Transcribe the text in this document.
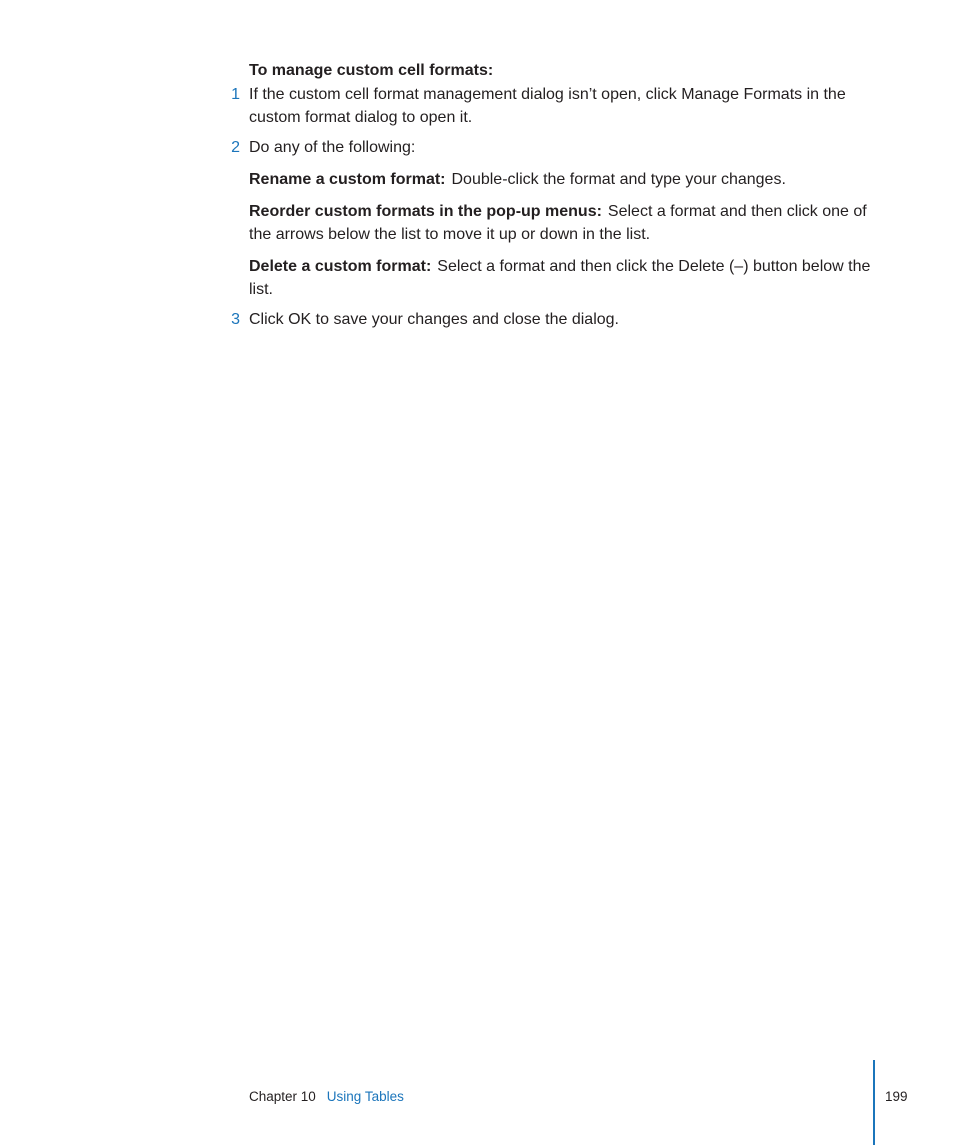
To manage custom cell formats:

1 If the custom cell format management dialog isn’t open, click Manage Formats in the custom format dialog to open it.

2 Do any of the following:

Rename a custom format: Double-click the format and type your changes.

Reorder custom formats in the pop-up menus: Select a format and then click one of the arrows below the list to move it up or down in the list.

Delete a custom format: Select a format and then click the Delete (–) button below the list.

3 Click OK to save your changes and close the dialog.

Chapter 10 Using Tables	199
